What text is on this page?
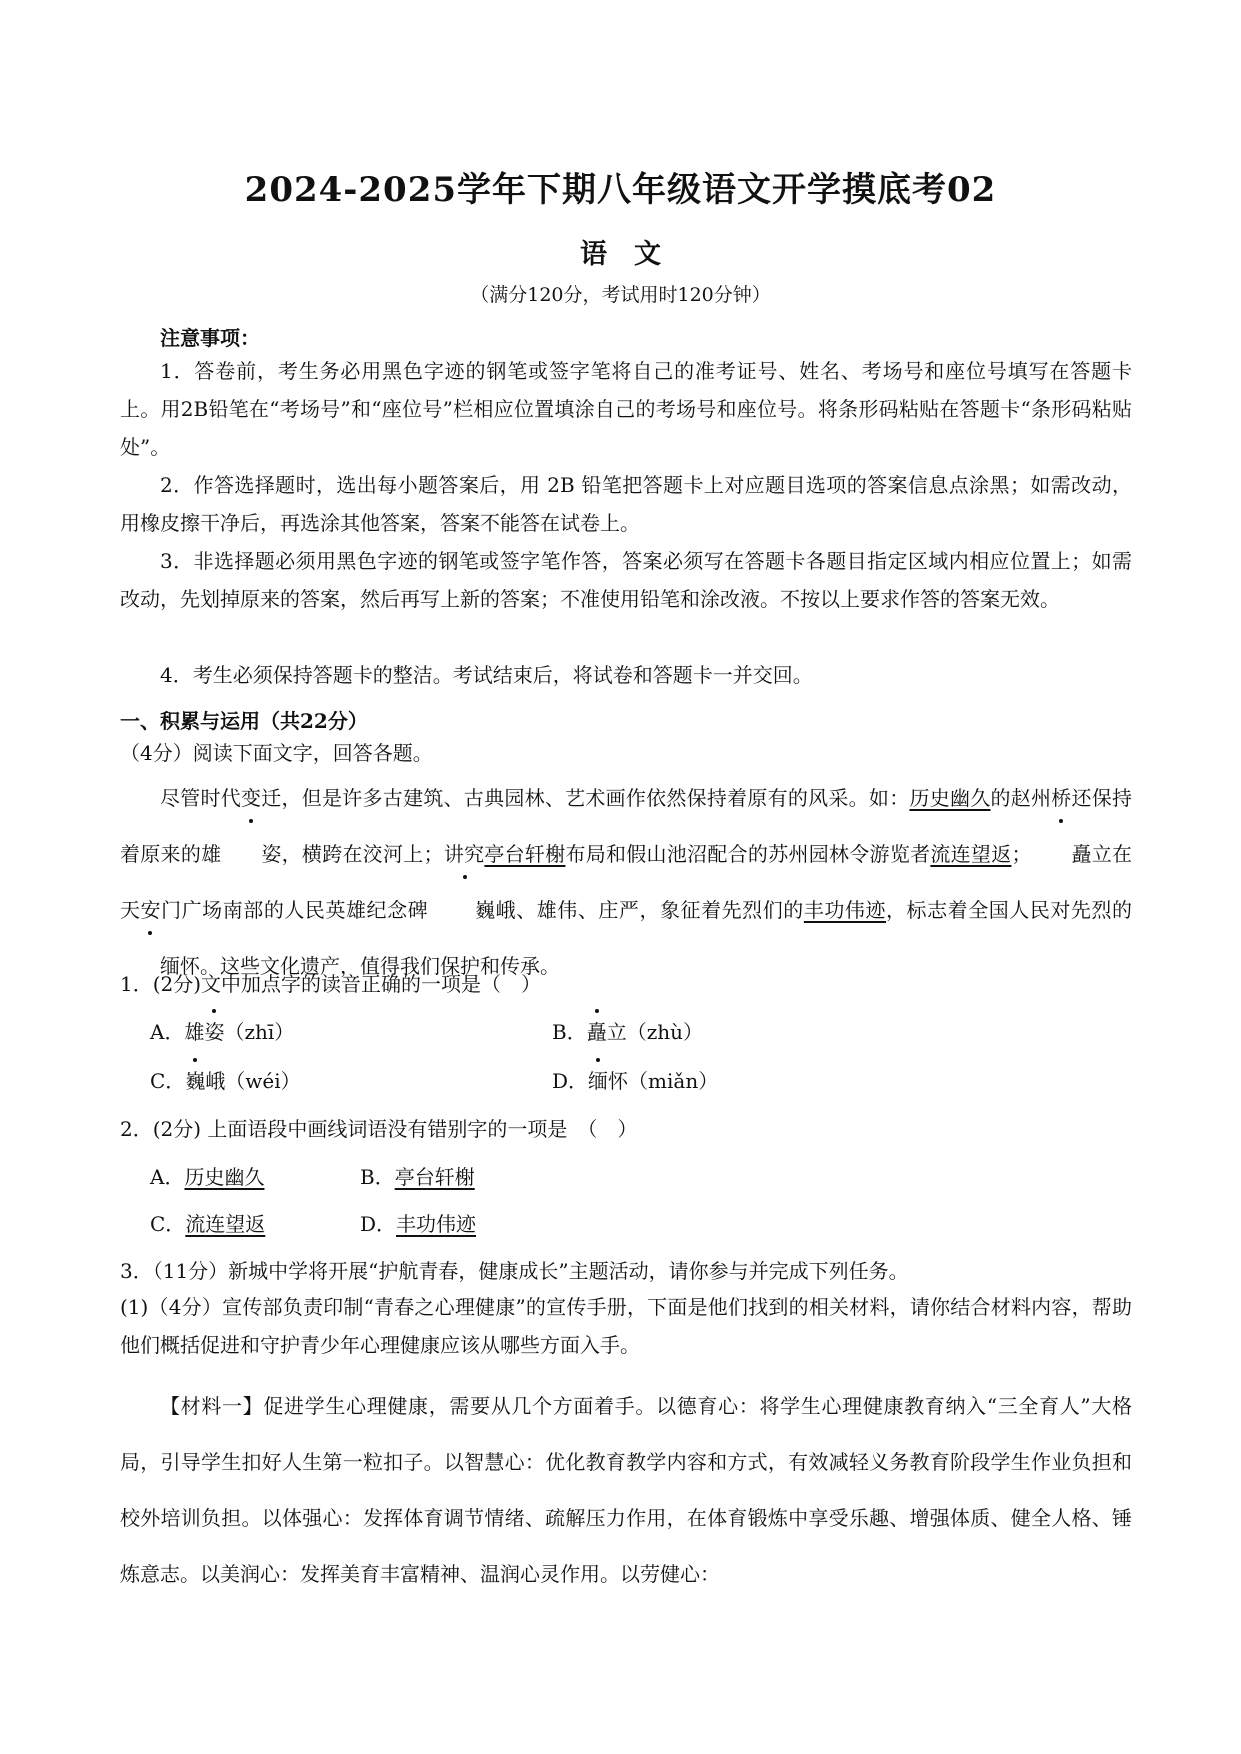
2024-2025学年下期八年级语文开学摸底考02
语　文
（满分120分，考试用时120分钟）
注意事项：
1．答卷前，考生务必用黑色字迹的钢笔或签字笔将自己的准考证号、姓名、考场号和座位号填写在答题卡上。用2B铅笔在“考场号”和“座位号”栏相应位置填涂自己的考场号和座位号。将条形码粘贴在答题卡“条形码粘贴处”。
2．作答选择题时，选出每小题答案后，用 2B 铅笔把答题卡上对应题目选项的答案信息点涂黑；如需改动，用橡皮擦干净后，再选涂其他答案，答案不能答在试卷上。
3．非选择题必须用黑色字迹的钢笔或签字笔作答，答案必须写在答题卡各题目指定区域内相应位置上；如需改动，先划掉原来的答案，然后再写上新的答案；不准使用铅笔和涂改液。不按以上要求作答的答案无效。
4．考生必须保持答题卡的整洁。考试结束后，将试卷和答题卡一并交回。
一、积累与运用（共22分）
（4分）阅读下面文字，回答各题。
尽管时代变迁，但是许多古建筑、古典园林、艺术画作依然保持着原有的风采。如：历史幽久的赵州桥还保持着原来的雄 姿，横跨在洨河上；讲究亭台轩榭布局和假山池沼配合的苏州园林令游览者流连望返； 矗立在天安门广场南部的人民英雄纪念碑 巍峨、雄伟、庄严，象征着先烈们的丰功伟迹，标志着全国人民对先烈的缅怀。这些文化遗产，值得我们保护和传承。
1．(2分)文中加点字的读音正确的一项是（　）
A．雄姿（zhī）	B．矗立（zhù）
C．巍峨（wéi）	D．缅怀（miǎn）
2．(2分) 上面语段中画线词语没有错别字的一项是　（　）
A．历史幽久	B．亭台轩榭
C．流连望返	D．丰功伟迹
3．（11分）新城中学将开展“护航青春，健康成长”主题活动，请你参与并完成下列任务。
(1)（4分）宣传部负责印制“青春之心理健康”的宣传手册，下面是他们找到的相关材料，请你结合材料内容，帮助他们概括促进和守护青少年心理健康应该从哪些方面入手。
【材料一】促进学生心理健康，需要从几个方面着手。以德育心：将学生心理健康教育纳入“三全育人”大格局，引导学生扣好人生第一粒扣子。以智慧心：优化教育教学内容和方式，有效减轻义务教育阶段学生作业负担和校外培训负担。以体强心：发挥体育调节情绪、疏解压力作用，在体育锻炼中享受乐趣、增强体质、健全人格、锤炼意志。以美润心：发挥美育丰富精神、温润心灵作用。以劳健心：
